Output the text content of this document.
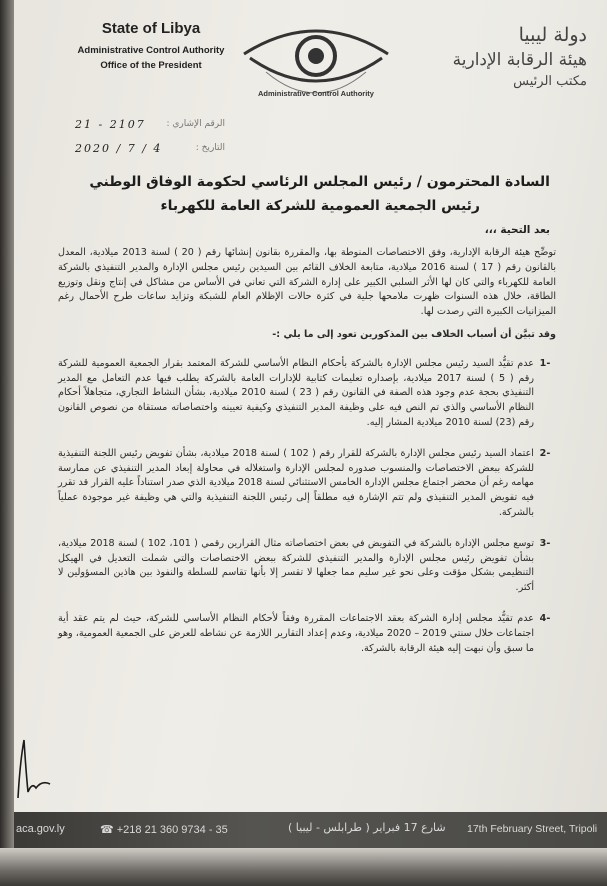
State of Libya
Administrative Control Authority
Office of the President
Administrative Control Authority
دولة ليبيا
هيئة الرقابة الإدارية
مكتب الرئيس
الرقم الإشاري :
21 - 2107
التاريخ :
2020 / 7 / 4
السادة المحترمون / رئيس المجلس الرئاسي لحكومة الوفاق الوطني
رئيس الجمعية العمومية للشركة العامة للكهرباء
بعد التحية ،،،

توضِّح هيئة الرقابة الإدارية، وفق الاختصاصات المنوطة بها، والمقررة بقانون إنشائها رقم ( 20 ) لسنة 2013 ميلادية، المعدل بالقانون رقم ( 17 ) لسنة 2016 ميلادية، متابعة الخلاف القائم بين السيدين رئيس مجلس الإدارة والمدير التنفيذي بالشركة العامة للكهرباء والتي كان لها الأثر السلبي الكبير على إدارة الشركة التي تعاني في الأساس من مشاكل في إنتاج ونقل وتوزيع الطاقة، خلال هذه السنوات ظهرت ملامحها جلية في كثرة حالات الإظلام العام للشبكة وتزايد ساعات طرح الأحمال رغم الميزانيات الكبيرة التي رصدت لها.

وقد تبيَّن أن أسباب الخلاف بين المذكورين تعود إلى ما يلي :-

1-
عدم تقيُّد السيد رئيس مجلس الإدارة بالشركة بأحكام النظام الأساسي للشركة المعتمد بقرار الجمعية العمومية للشركة رقم ( 5 ) لسنة 2017 ميلادية، بإصداره تعليمات كتابية للإدارات العامة بالشركة يطلب فيها عدم التعامل مع المدير التنفيذي بحجة عدم وجود هذه الصفة في القانون رقم ( 23 ) لسنة 2010 ميلادية، بشأن النشاط التجاري، متجاهلاً أحكام النظام الأساسي والذي تم النص فيه على وظيفة المدير التنفيذي وكيفية تعيينه واختصاصاته مستقاة من نصوص القانون رقم (23) لسنة 2010 ميلادية المشار إليه.
2-
اعتماد السيد رئيس مجلس الإدارة بالشركة للقرار رقم ( 102 ) لسنة 2018 ميلادية، بشأن تفويض رئيس اللجنة التنفيذية للشركة ببعض الاختصاصات والمنسوب صدوره لمجلس الإدارة واستغلاله في محاولة إبعاد المدير التنفيذي عن ممارسة مهامه رغم أن محضر اجتماع مجلس الإدارة الخامس الاستثنائي لسنة 2018 ميلادية الذي صدر استناداً عليه القرار قد تقرر فيه تفويض المدير التنفيذي ولم تتم الإشارة فيه مطلقاً إلى رئيس اللجنة التنفيذية والتي هي وظيفة غير موجودة عملياً بالشركة.
3-
توسع مجلس الإدارة بالشركة في التفويض في بعض اختصاصاته مثال القرارين رقمي ( 101، 102 ) لسنة 2018 ميلادية، بشأن تفويض رئيس مجلس الإدارة والمدير التنفيذي للشركة ببعض الاختصاصات والتي شملت التعديل في الهيكل التنظيمي بشكل مؤقت وعلى نحو غير سليم مما جعلها لا تقسر إلا بأنها تقاسم للسلطة والنفوذ بين هاذين المسؤولين لا أكثر.
4-
عدم تقيُّد مجلس إدارة الشركة بعقد الاجتماعات المقررة وفقاً لأحكام النظام الأساسي للشركة، حيث لم يتم عقد أية اجتماعات خلال سنتي 2019 – 2020 ميلادية، وعدم إعداد التقارير اللازمة عن نشاطه للعرض على الجمعية العمومية، وهو ما سبق وأن نبهت إليه هيئة الرقابة بالشركة.
aca.gov.ly	☎ +218 21 360 9734 - 35	شارع 17 فبراير ( طرابلس - ليبيا ) 17th February Street, Tripoli
